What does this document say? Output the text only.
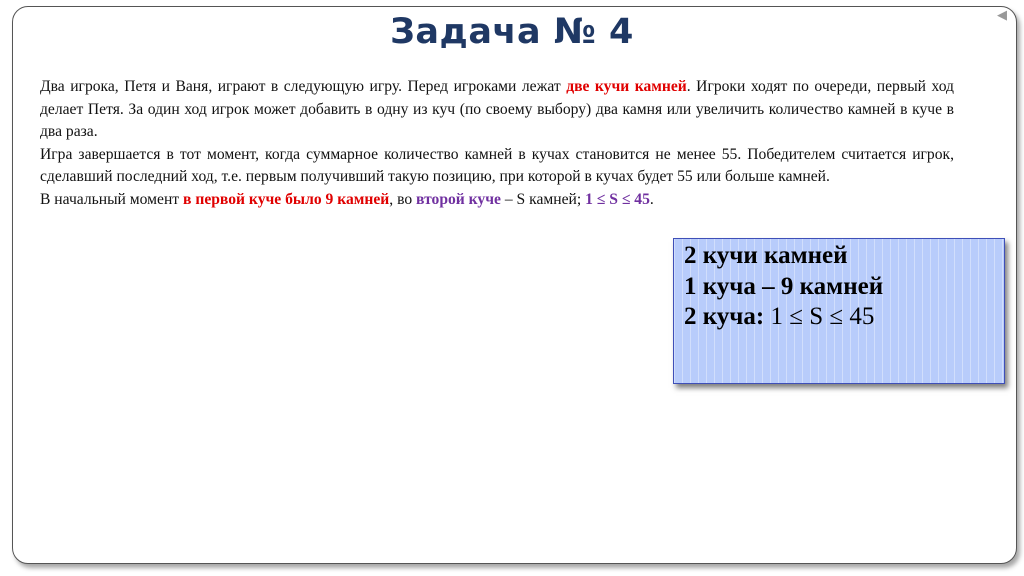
◀
Задача № 4

Два игрока, Петя и Ваня, играют в следующую игру. Перед игроками лежат две кучи камней. Игроки ходят по очереди, первый ход делает Петя. За один ход игрок может добавить в одну из куч (по своему выбору) два камня или увеличить количество камней в куче в два раза.

Игра завершается в тот момент, когда суммарное количество камней в кучах становится не менее 55. Победителем считается игрок, сделавший последний ход, т.е. первым получивший такую позицию, при которой в кучах будет 55 или больше камней.

В начальный момент в первой куче было 9 камней, во второй куче – S камней; 1 ≤ S ≤ 45.

2 кучи камней
1 куча – 9 камней
2 куча: 1 ≤ S ≤ 45
